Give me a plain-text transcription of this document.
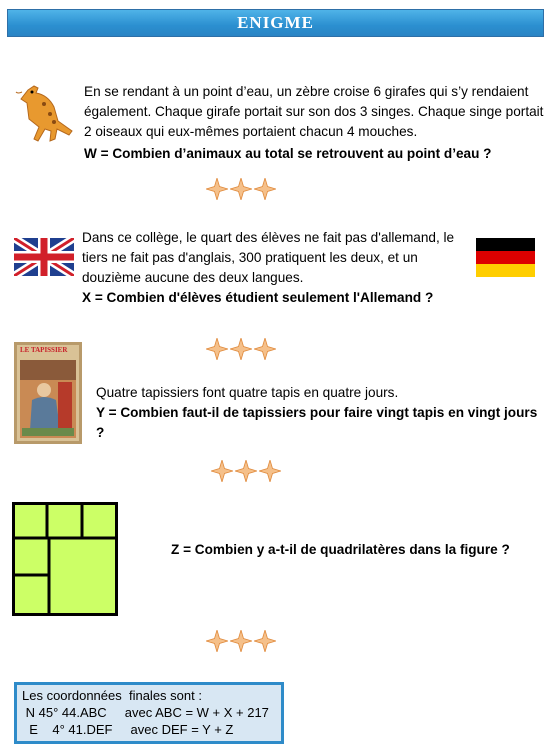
ENIGME
En se rendant à un point d’eau, un zèbre croise 6 girafes qui s’y rendaient également. Chaque girafe portait sur son dos 3 singes. Chaque singe portait 2 oiseaux qui eux-mêmes portaient chacun 4 mouches.
W = Combien d’animaux au total se retrouvent au point d’eau ?
Dans ce collège, le quart des élèves ne fait pas d'allemand, le tiers ne fait pas d'anglais, 300 pratiquent les deux, et un douzième aucune des deux langues.
X = Combien d'élèves étudient seulement l'Allemand ?
LE TAPISSIER
Quatre tapissiers font quatre tapis en quatre jours.
Y = Combien faut-il de tapissiers pour faire vingt tapis en vingt jours ?
Z = Combien y a-t-il de quadrilatères dans la figure ?
Les coordonnées  finales sont :
N 45° 44.ABC     avec ABC = W + X + 217
E    4° 41.DEF     avec DEF = Y + Z
